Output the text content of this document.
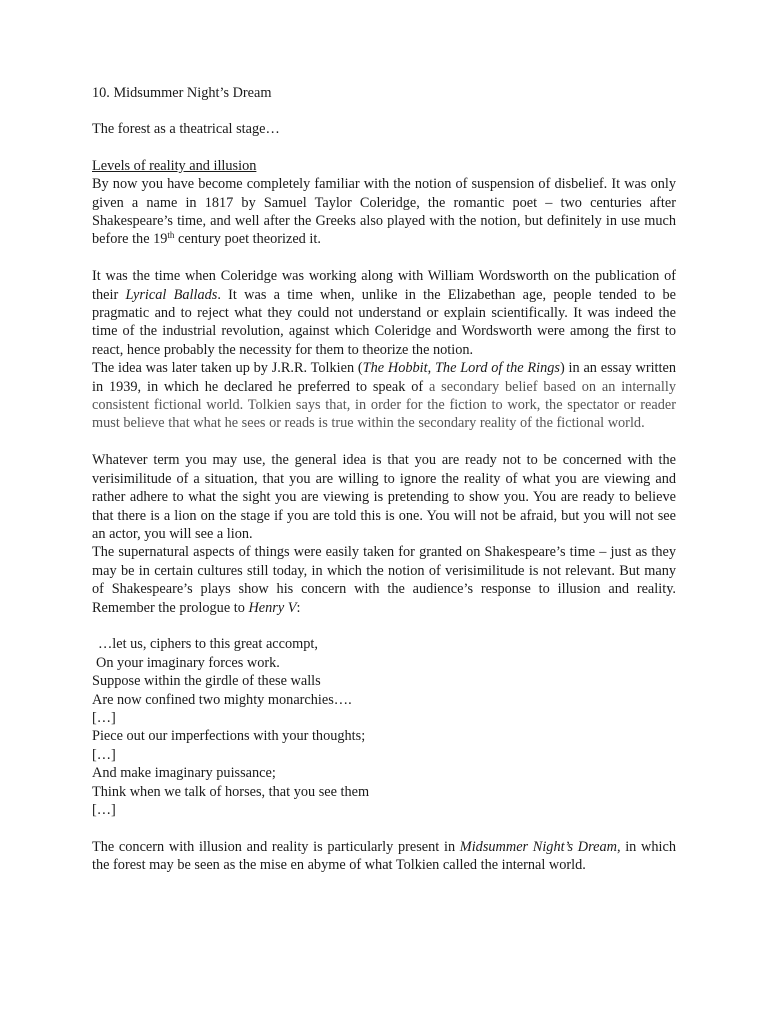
10. Midsummer Night’s Dream

The forest as a theatrical stage…

Levels of reality and illusion

By now you have become completely familiar with the notion of suspension of disbelief. It was only given a name in 1817 by Samuel Taylor Coleridge, the romantic poet – two centuries after Shakespeare’s time, and well after the Greeks also played with the notion, but definitely in use much before the 19th century poet theorized it.

It was the time when Coleridge was working along with William Wordsworth on the publication of their Lyrical Ballads. It was a time when, unlike in the Elizabethan age, people tended to be pragmatic and to reject what they could not understand or explain scientifically. It was indeed the time of the industrial revolution, against which Coleridge and Wordsworth were among the first to react, hence probably the necessity for them to theorize the notion.

The idea was later taken up by J.R.R. Tolkien (The Hobbit, The Lord of the Rings) in an essay written in 1939, in which he declared he preferred to speak of a secondary belief based on an internally consistent fictional world. Tolkien says that, in order for the fiction to work, the spectator or reader must believe that what he sees or reads is true within the secondary reality of the fictional world.

Whatever term you may use, the general idea is that you are ready not to be concerned with the verisimilitude of a situation, that you are willing to ignore the reality of what you are viewing and rather adhere to what the sight you are viewing is pretending to show you. You are ready to believe that there is a lion on the stage if you are told this is one. You will not be afraid, but you will not see an actor, you will see a lion.

The supernatural aspects of things were easily taken for granted on Shakespeare’s time – just as they may be in certain cultures still today, in which the notion of verisimilitude is not relevant. But many of Shakespeare’s plays show his concern with the audience’s response to illusion and reality. Remember the prologue to Henry V:

…let us, ciphers to this great accompt,

On your imaginary forces work.

Suppose within the girdle of these walls

Are now confined two mighty monarchies….

[…]

Piece out our imperfections with your thoughts;

[…]

And make imaginary puissance;

Think when we talk of horses, that you see them

[…]

The concern with illusion and reality is particularly present in Midsummer Night’s Dream, in which the forest may be seen as the mise en abyme of what Tolkien called the internal world.
